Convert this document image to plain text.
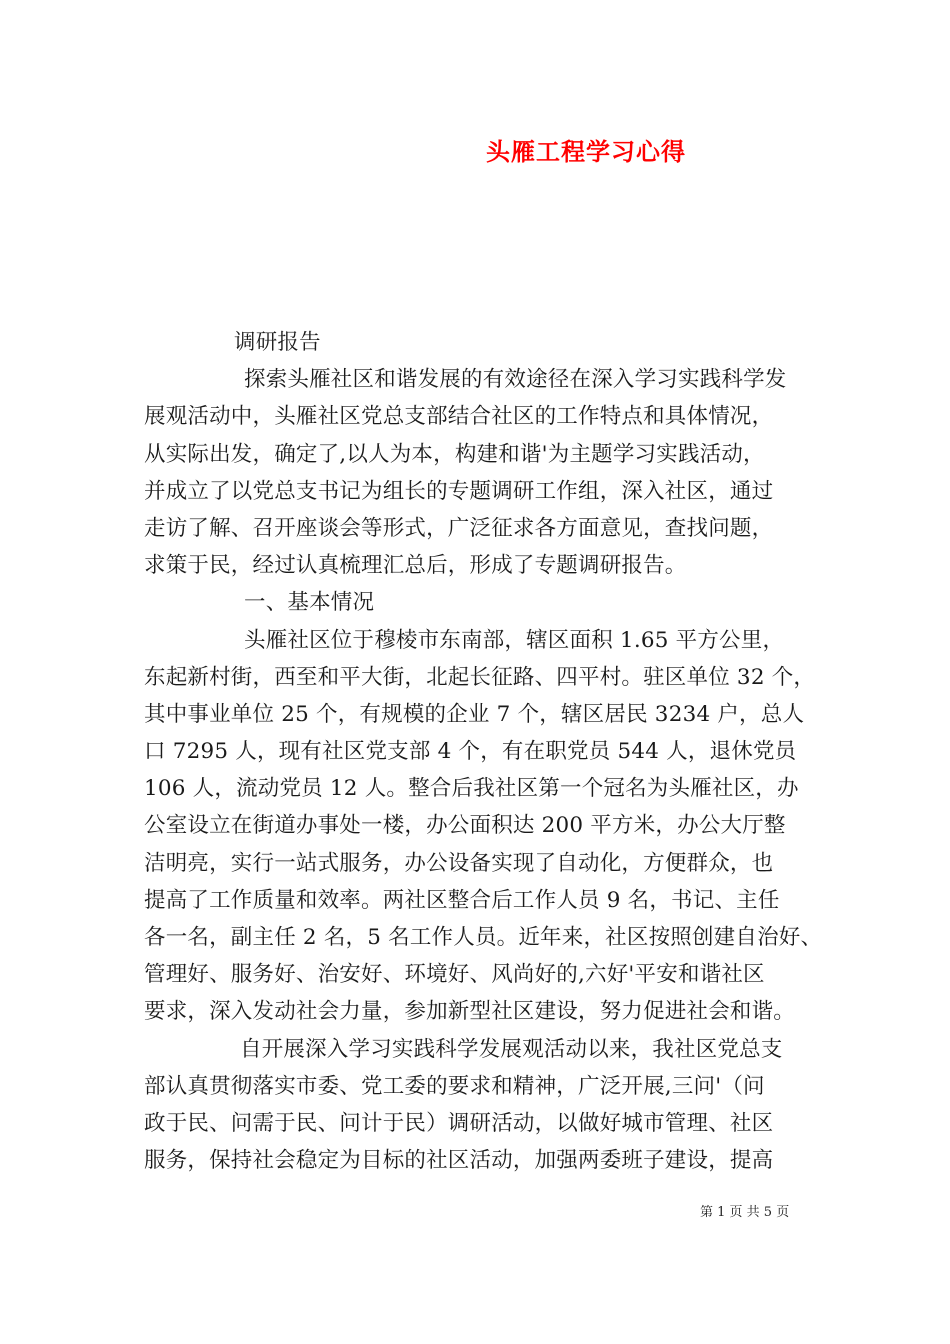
头雁工程学习心得
调研报告
探索头雁社区和谐发展的有效途径在深入学习实践科学发
展观活动中，头雁社区党总支部结合社区的工作特点和具体情况，
从实际出发，确定了,以人为本，构建和谐'为主题学习实践活动，
并成立了以党总支书记为组长的专题调研工作组，深入社区，通过
走访了解、召开座谈会等形式，广泛征求各方面意见，查找问题，
求策于民，经过认真梳理汇总后，形成了专题调研报告。
一、基本情况
头雁社区位于穆棱市东南部，辖区面积 1.65 平方公里，
东起新村街，西至和平大街，北起长征路、四平村。驻区单位 32 个，
其中事业单位 25 个，有规模的企业 7 个，辖区居民 3234 户，总人
口 7295 人，现有社区党支部 4 个，有在职党员 544 人，退休党员
106 人，流动党员 12 人。整合后我社区第一个冠名为头雁社区，办
公室设立在街道办事处一楼，办公面积达 200 平方米，办公大厅整
洁明亮，实行一站式服务，办公设备实现了自动化，方便群众，也
提高了工作质量和效率。两社区整合后工作人员 9 名，书记、主任
各一名，副主任 2 名，5 名工作人员。近年来，社区按照创建自治好、
管理好、服务好、治安好、环境好、风尚好的,六好'平安和谐社区
要求，深入发动社会力量，参加新型社区建设，努力促进社会和谐。
自开展深入学习实践科学发展观活动以来，我社区党总支
部认真贯彻落实市委、党工委的要求和精神，广泛开展,三问'（问
政于民、问需于民、问计于民）调研活动，以做好城市管理、社区
服务，保持社会稳定为目标的社区活动，加强两委班子建设，提高
第 1 页 共 5 页
